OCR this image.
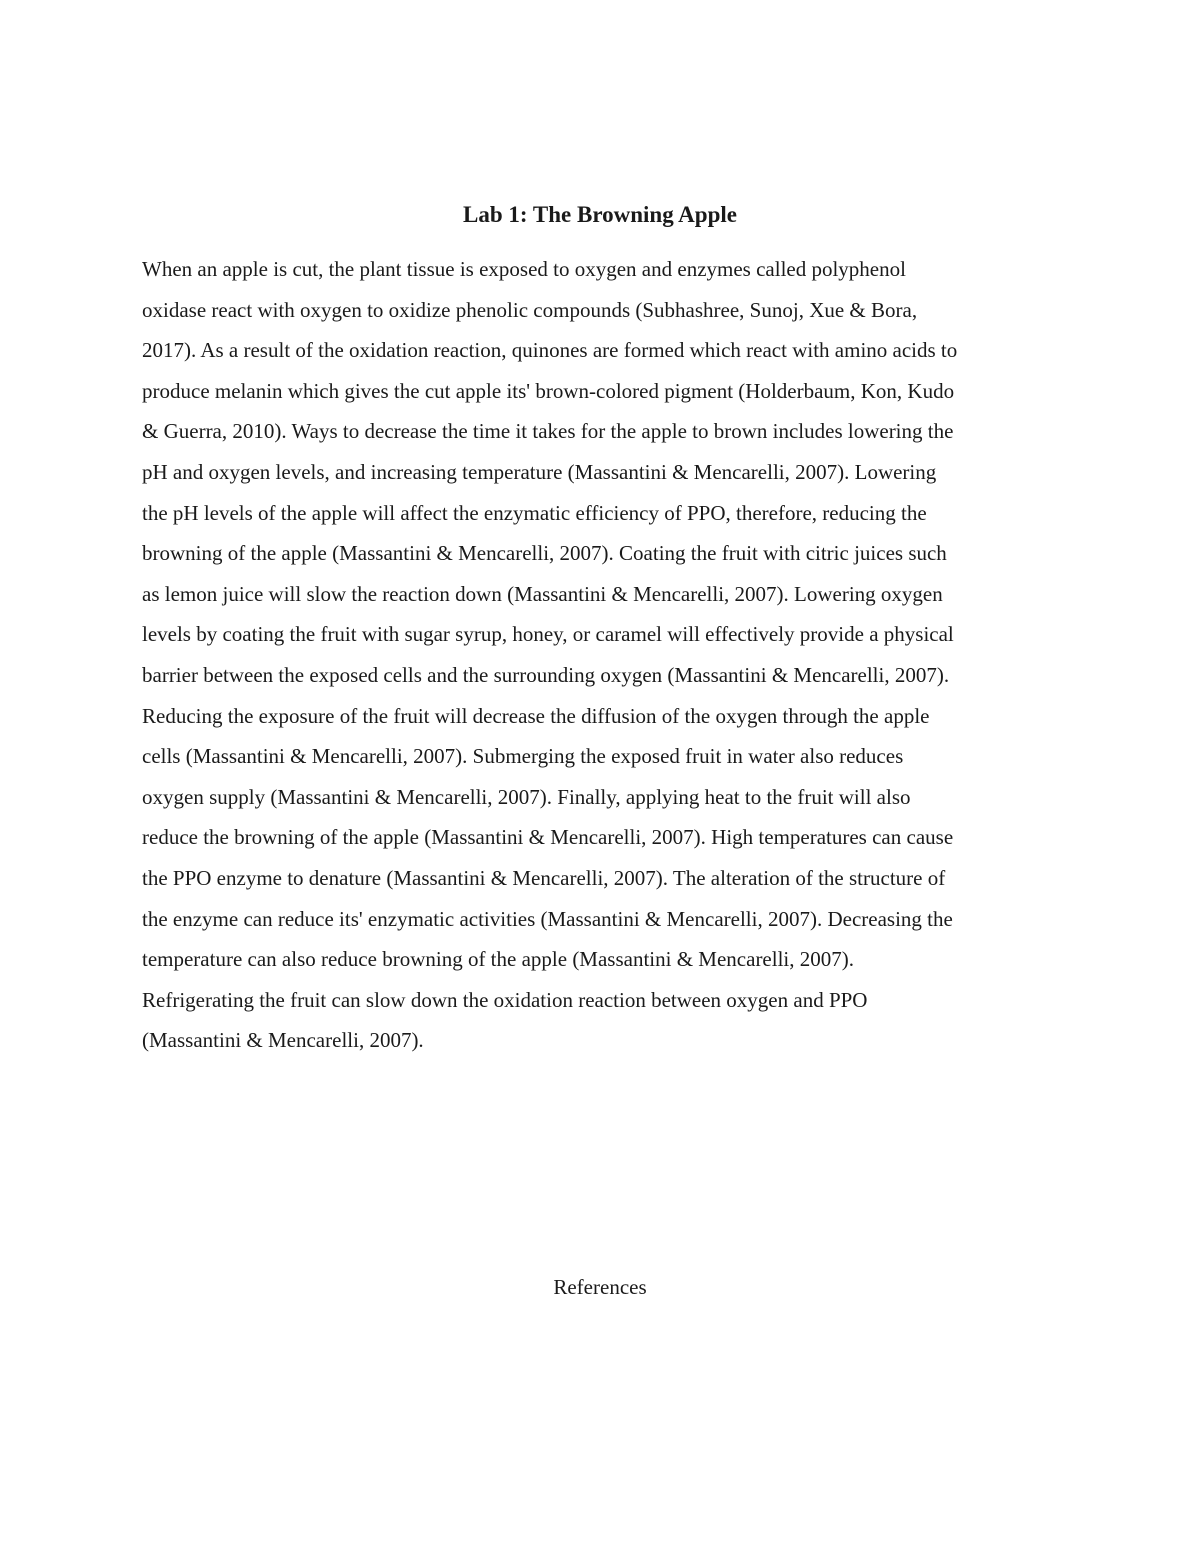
Lab 1: The Browning Apple

When an apple is cut, the plant tissue is exposed to oxygen and enzymes called polyphenol
oxidase react with oxygen to oxidize phenolic compounds (Subhashree, Sunoj, Xue & Bora,
2017). As a result of the oxidation reaction, quinones are formed which react with amino acids to
produce melanin which gives the cut apple its' brown-colored pigment (Holderbaum, Kon, Kudo
& Guerra, 2010). Ways to decrease the time it takes for the apple to brown includes lowering the
pH and oxygen levels, and increasing temperature (Massantini & Mencarelli, 2007). Lowering
the pH levels of the apple will affect the enzymatic efficiency of PPO, therefore, reducing the
browning of the apple (Massantini & Mencarelli, 2007). Coating the fruit with citric juices such
as lemon juice will slow the reaction down (Massantini & Mencarelli, 2007). Lowering oxygen
levels by coating the fruit with sugar syrup, honey, or caramel will effectively provide a physical
barrier between the exposed cells and the surrounding oxygen (Massantini & Mencarelli, 2007).
Reducing the exposure of the fruit will decrease the diffusion of the oxygen through the apple
cells (Massantini & Mencarelli, 2007). Submerging the exposed fruit in water also reduces
oxygen supply (Massantini & Mencarelli, 2007). Finally, applying heat to the fruit will also
reduce the browning of the apple (Massantini & Mencarelli, 2007). High temperatures can cause
the PPO enzyme to denature (Massantini & Mencarelli, 2007). The alteration of the structure of
the enzyme can reduce its' enzymatic activities (Massantini & Mencarelli, 2007). Decreasing the
temperature can also reduce browning of the apple (Massantini & Mencarelli, 2007).
Refrigerating the fruit can slow down the oxidation reaction between oxygen and PPO
(Massantini & Mencarelli, 2007).

References
